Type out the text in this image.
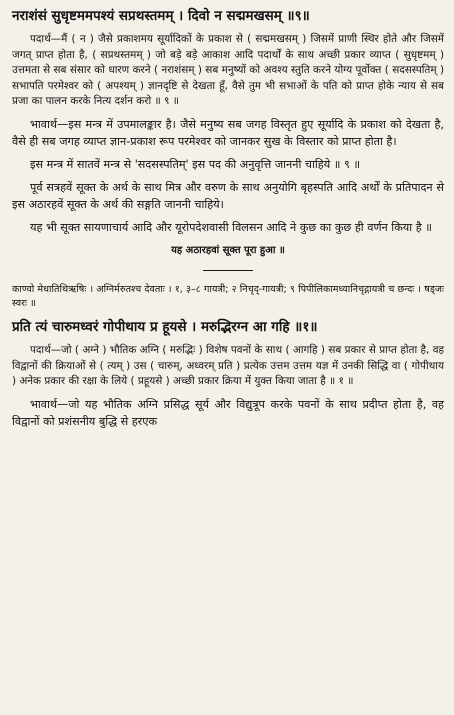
नराशंसं सुधृष्टममपश्यं सप्रथस्तमम् । दिवो न सद्ममखसम् ॥९॥

पदार्थ—मैं ( न ) जैसे प्रकाशमय सूर्यादिकों के प्रकाश से ( सद्ममखसम् ) जिसमें प्राणी स्थिर होते और जिसमें जगत् प्राप्त होता है, ( सप्रथस्तमम् ) जो बड़े बड़े आकाश आदि पदार्थों के साथ अच्छी प्रकार व्याप्त ( सुधृष्टमम् ) उत्तमता से सब संसार को धारण करने ( नराशंसम् ) सब मनुष्यों को अवश्य स्तुति करने योग्य पूर्वोक्त ( सदसस्पतिम् ) सभापति परमेश्वर को ( अपश्यम् ) ज्ञानदृष्टि से देखता हूँ, वैसे तुम भी सभाओं के पति को प्राप्त होके न्याय से सब प्रजा का पालन करके नित्य दर्शन करो ॥ ९ ॥

भावार्थ—इस मन्त्र में उपमालङ्कार है। जैसे मनुष्य सब जगह विस्तृत हुए सूर्यादि के प्रकाश को देखता है, वैसे ही सब जगह व्याप्त ज्ञान-प्रकाश रूप परमेश्वर को जानकर सुख के विस्तार को प्राप्त होता है।

इस मन्त्र में सातवें मन्त्र से 'सदसस्पतिम्' इस पद की अनुवृत्ति जाननी चाहिये ॥ ९ ॥

पूर्व सत्रहवें सूक्त के अर्थ के साथ मित्र और वरुण के साथ अनुयोगि बृहस्पति आदि अर्थों के प्रतिपादन से इस अठारहवें सूक्त के अर्थ की सङ्गति जाननी चाहिये।

यह भी सूक्त सायणाचार्य आदि और यूरोपदेशवासी विलसन आदि ने कुछ का कुछ ही वर्णन किया है ॥

यह अठारहवां सूक्त पूरा हुआ ॥

काण्वो मेधातिथिऋषिः । अग्निर्मरुतश्च देवताः । १, ३–८ गायत्री; २ निचृद्-गायत्री; ९ पिपीलिकामध्यानिचृद्गायत्री च छन्दः । षड्जः स्वरः ॥

प्रति त्यं चारुमध्वरं गोपीथाय प्र हूयसे । मरुद्भिरग्न आ गहि ॥१॥

पदार्थ—जो ( अग्ने ) भौतिक अग्नि ( मरुद्भिः ) विशेष पवनों के साथ ( आगहि ) सब प्रकार से प्राप्त होता है, वह विद्वानों की क्रियाओं से ( त्यम् ) उस ( चारुम्, अध्वरम् प्रति ) प्रत्येक उत्तम उत्तम यज्ञ में उनकी सिद्धि वा ( गोपीथाय ) अनेक प्रकार की रक्षा के लिये ( प्रहूयसे ) अच्छी प्रकार क्रिया में युक्त किया जाता है ॥ १ ॥

भावार्थ—जो यह भौतिक अग्नि प्रसिद्ध सूर्य और विद्युत्रूप करके पवनों के साथ प्रदीप्त होता है, वह विद्वानों को प्रशंसनीय बुद्धि से हरएक
